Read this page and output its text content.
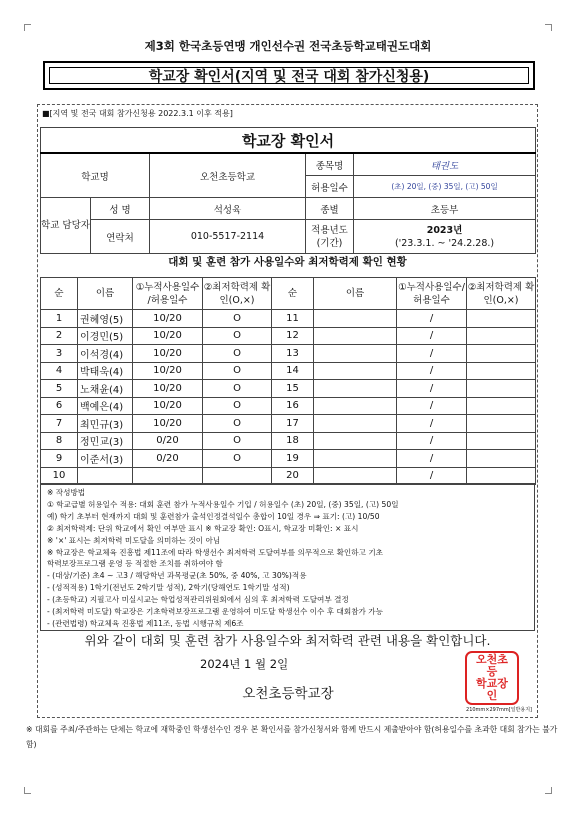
제3회 한국초등연맹 개인선수권 전국초등학교태권도대회
학교장 확인서(지역 및 전국 대회 참가신청용)
■[지역 및 전국 대회 참가신청용 2022.3.1 이후 적용]
학교장 확인서				
학교명		오천초등학교	종목명	태권도
			허용일수	(초) 20일, (중) 35일, (고) 50일
학교 담당자	성 명	석성육	종별	초등부
	연락처	010-5517-2114	적용년도 (기간)	2023년
('23.3.1. ~ '24.2.28.)
대회 및 훈련 참가 사용일수와 최저학력제 확인 현황
순	이름	①누적사용일수 /허용일수	②최저학력제 확인(O,×)	순	이름	①누적사용일수/ 허용일수	②최저학력제 확인(O,×)
1	권혜영(5)	10/20	O	11		/	
2	이경민(5)	10/20	O	12		/	
3	이석경(4)	10/20	O	13		/	
4	박태욱(4)	10/20	O	14		/	
5	노채윤(4)	10/20	O	15		/	
6	백예은(4)	10/20	O	16		/	
7	최민규(3)	10/20	O	17		/	
8	정민교(3)	0/20	O	18		/	
9	이준서(3)	0/20	O	19		/	
10				20		/	
※ 작성방법
① 학교급별 허용일수 적용: 대회 훈련 참가 누적사용일수 기입 / 허용일수 (초) 20일, (중) 35일, (고) 50일
예) 학기 초부터 현재까지 대회 및 훈련참가 출석인정결석일수 총합이 10일 경우 ⇒ 표기: (고) 10/50
② 최저학력제: 단위 학교에서 확인 여부만 표시 ※ 학교장 확인: O표시, 학교장 미확인: × 표시
※ '×' 표시는 최저학력 미도달을 의미하는 것이 아님
※ 학교장은 학교체육 진흥법 제11조에 따라 학생선수 최저학력 도달여부를 의무적으로 확인하고 기초
학력보장프로그램 운영 등 적절한 조치를 취하여야 함
- (대상/기준) 초4 ~ 고3 / 해당학년 과목평균(초 50%, 중 40%, 고 30%)적용
- (성적적용) 1학기(전년도 2학기말 성적), 2학기(당해연도 1학기말 성적)
- (초등학교) 지필고사 미실시교는 학업성적관리위원회에서 심의 후 최저학력 도달여부 결정
- (최저학력 미도달) 학교장은 기초학력보장프로그램 운영하여 미도달 학생선수 이수 후 대회참가 가능
- (관련법령) 학교체육 진흥법 제11조, 동법 시행규칙 제6조
위와 같이 대회 및 훈련 참가 사용일수와 최저학력 관련 내용을 확인합니다.
2024년 1 월 2일
오천초등학교장
오천초등
학교장인
210mm×297mm[일반용지]
※ 대회를 주최/주관하는 단체는 학교에 재학중인 학생선수인 경우 본 확인서를 참가신청서와 함께 반드시 제출받아야 함(허용일수를 초과한 대회 참가는 불가함)
